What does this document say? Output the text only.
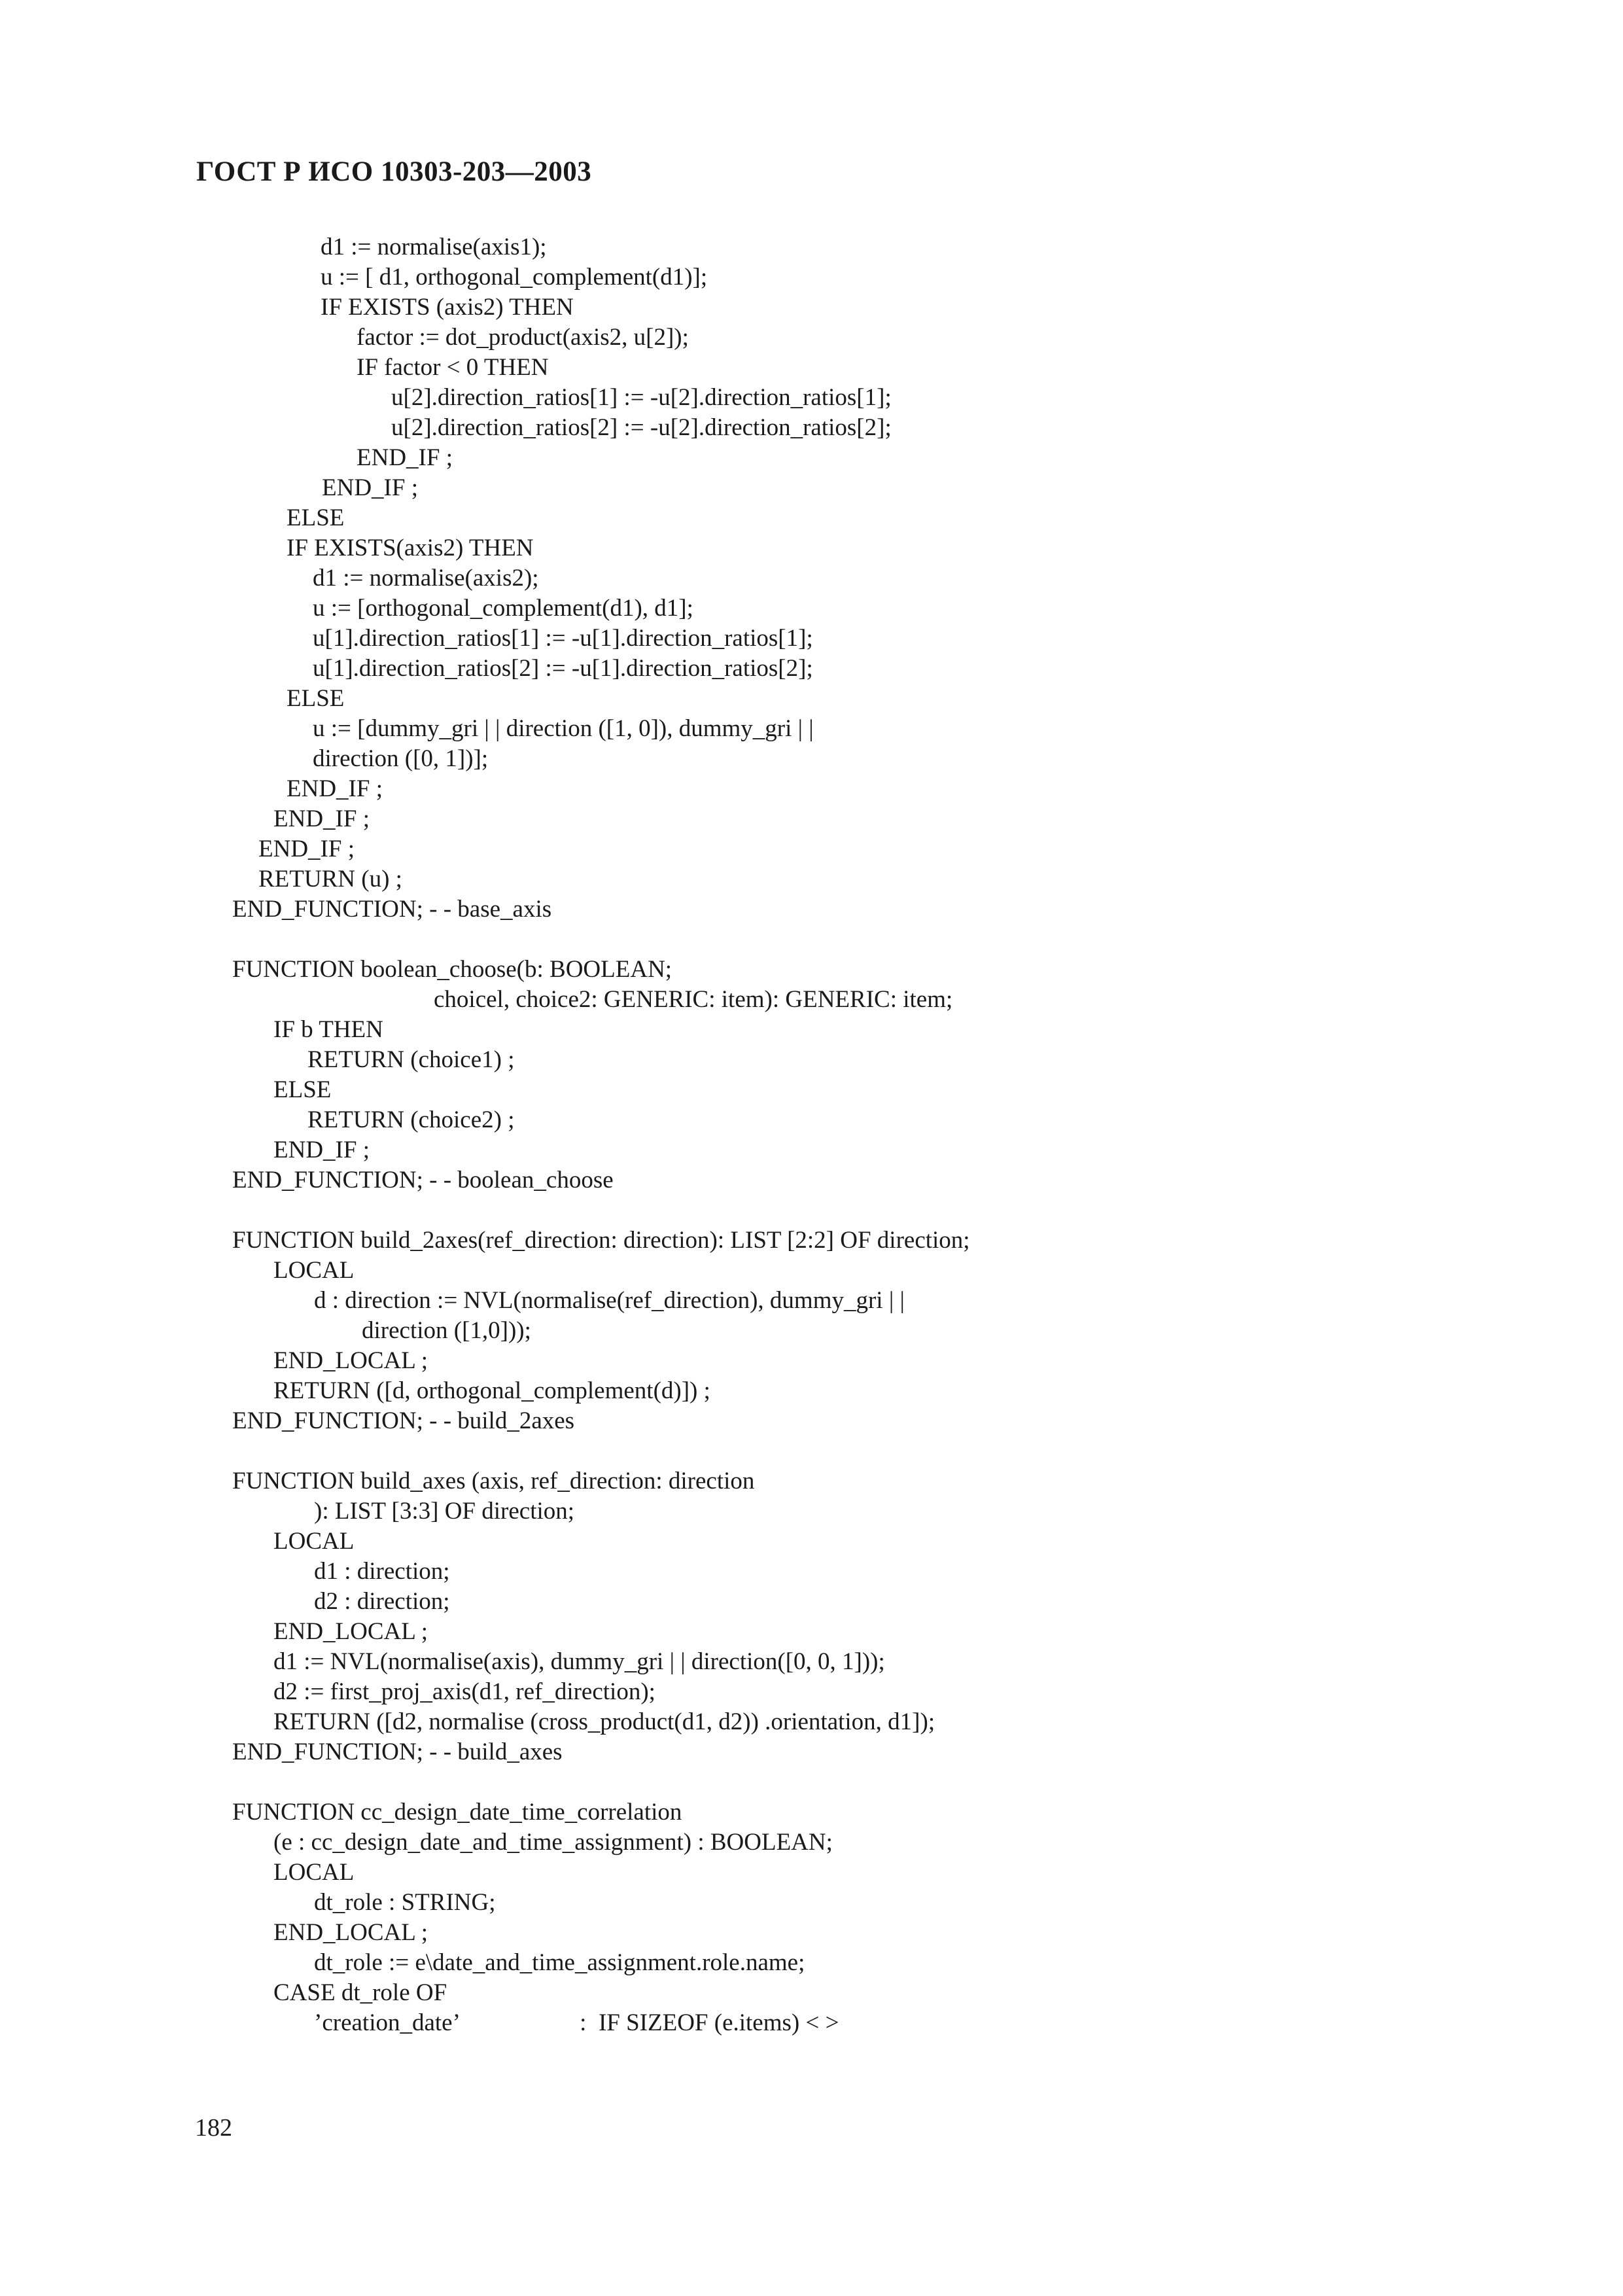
ГОСТ Р ИСО 10303-203—2003
d1 := normalise(axis1);
u := [ d1, orthogonal_complement(d1)];
IF EXISTS (axis2) THEN
factor := dot_product(axis2, u[2]);
IF factor < 0 THEN
u[2].direction_ratios[1] := -u[2].direction_ratios[1];
u[2].direction_ratios[2] := -u[2].direction_ratios[2];
END_IF ;
END_IF ;
ELSE
IF EXISTS(axis2) THEN
d1 := normalise(axis2);
u := [orthogonal_complement(d1), d1];
u[1].direction_ratios[1] := -u[1].direction_ratios[1];
u[1].direction_ratios[2] := -u[1].direction_ratios[2];
ELSE
u := [dummy_gri | | direction ([1, 0]), dummy_gri | |
direction ([0, 1])];
END_IF ;
END_IF ;
END_IF ;
RETURN (u) ;
END_FUNCTION; - - base_axis
FUNCTION boolean_choose(b: BOOLEAN;
choicel, choice2: GENERIC: item): GENERIC: item;
IF b THEN
RETURN (choice1) ;
ELSE
RETURN (choice2) ;
END_IF ;
END_FUNCTION; - - boolean_choose
FUNCTION build_2axes(ref_direction: direction): LIST [2:2] OF direction;
LOCAL
d : direction := NVL(normalise(ref_direction), dummy_gri | |
direction ([1,0]));
END_LOCAL ;
RETURN ([d, orthogonal_complement(d)]) ;
END_FUNCTION; - - build_2axes
FUNCTION build_axes (axis, ref_direction: direction
): LIST [3:3] OF direction;
LOCAL
d1 : direction;
d2 : direction;
END_LOCAL ;
d1 := NVL(normalise(axis), dummy_gri | | direction([0, 0, 1]));
d2 := first_proj_axis(d1, ref_direction);
RETURN ([d2, normalise (cross_product(d1, d2)) .orientation, d1]);
END_FUNCTION; - - build_axes
FUNCTION cc_design_date_time_correlation
(e : cc_design_date_and_time_assignment) : BOOLEAN;
LOCAL
dt_role : STRING;
END_LOCAL ;
dt_role := e\date_and_time_assignment.role.name;
CASE dt_role OF
’creation_date’                    :  IF SIZEOF (e.items) < >
182
